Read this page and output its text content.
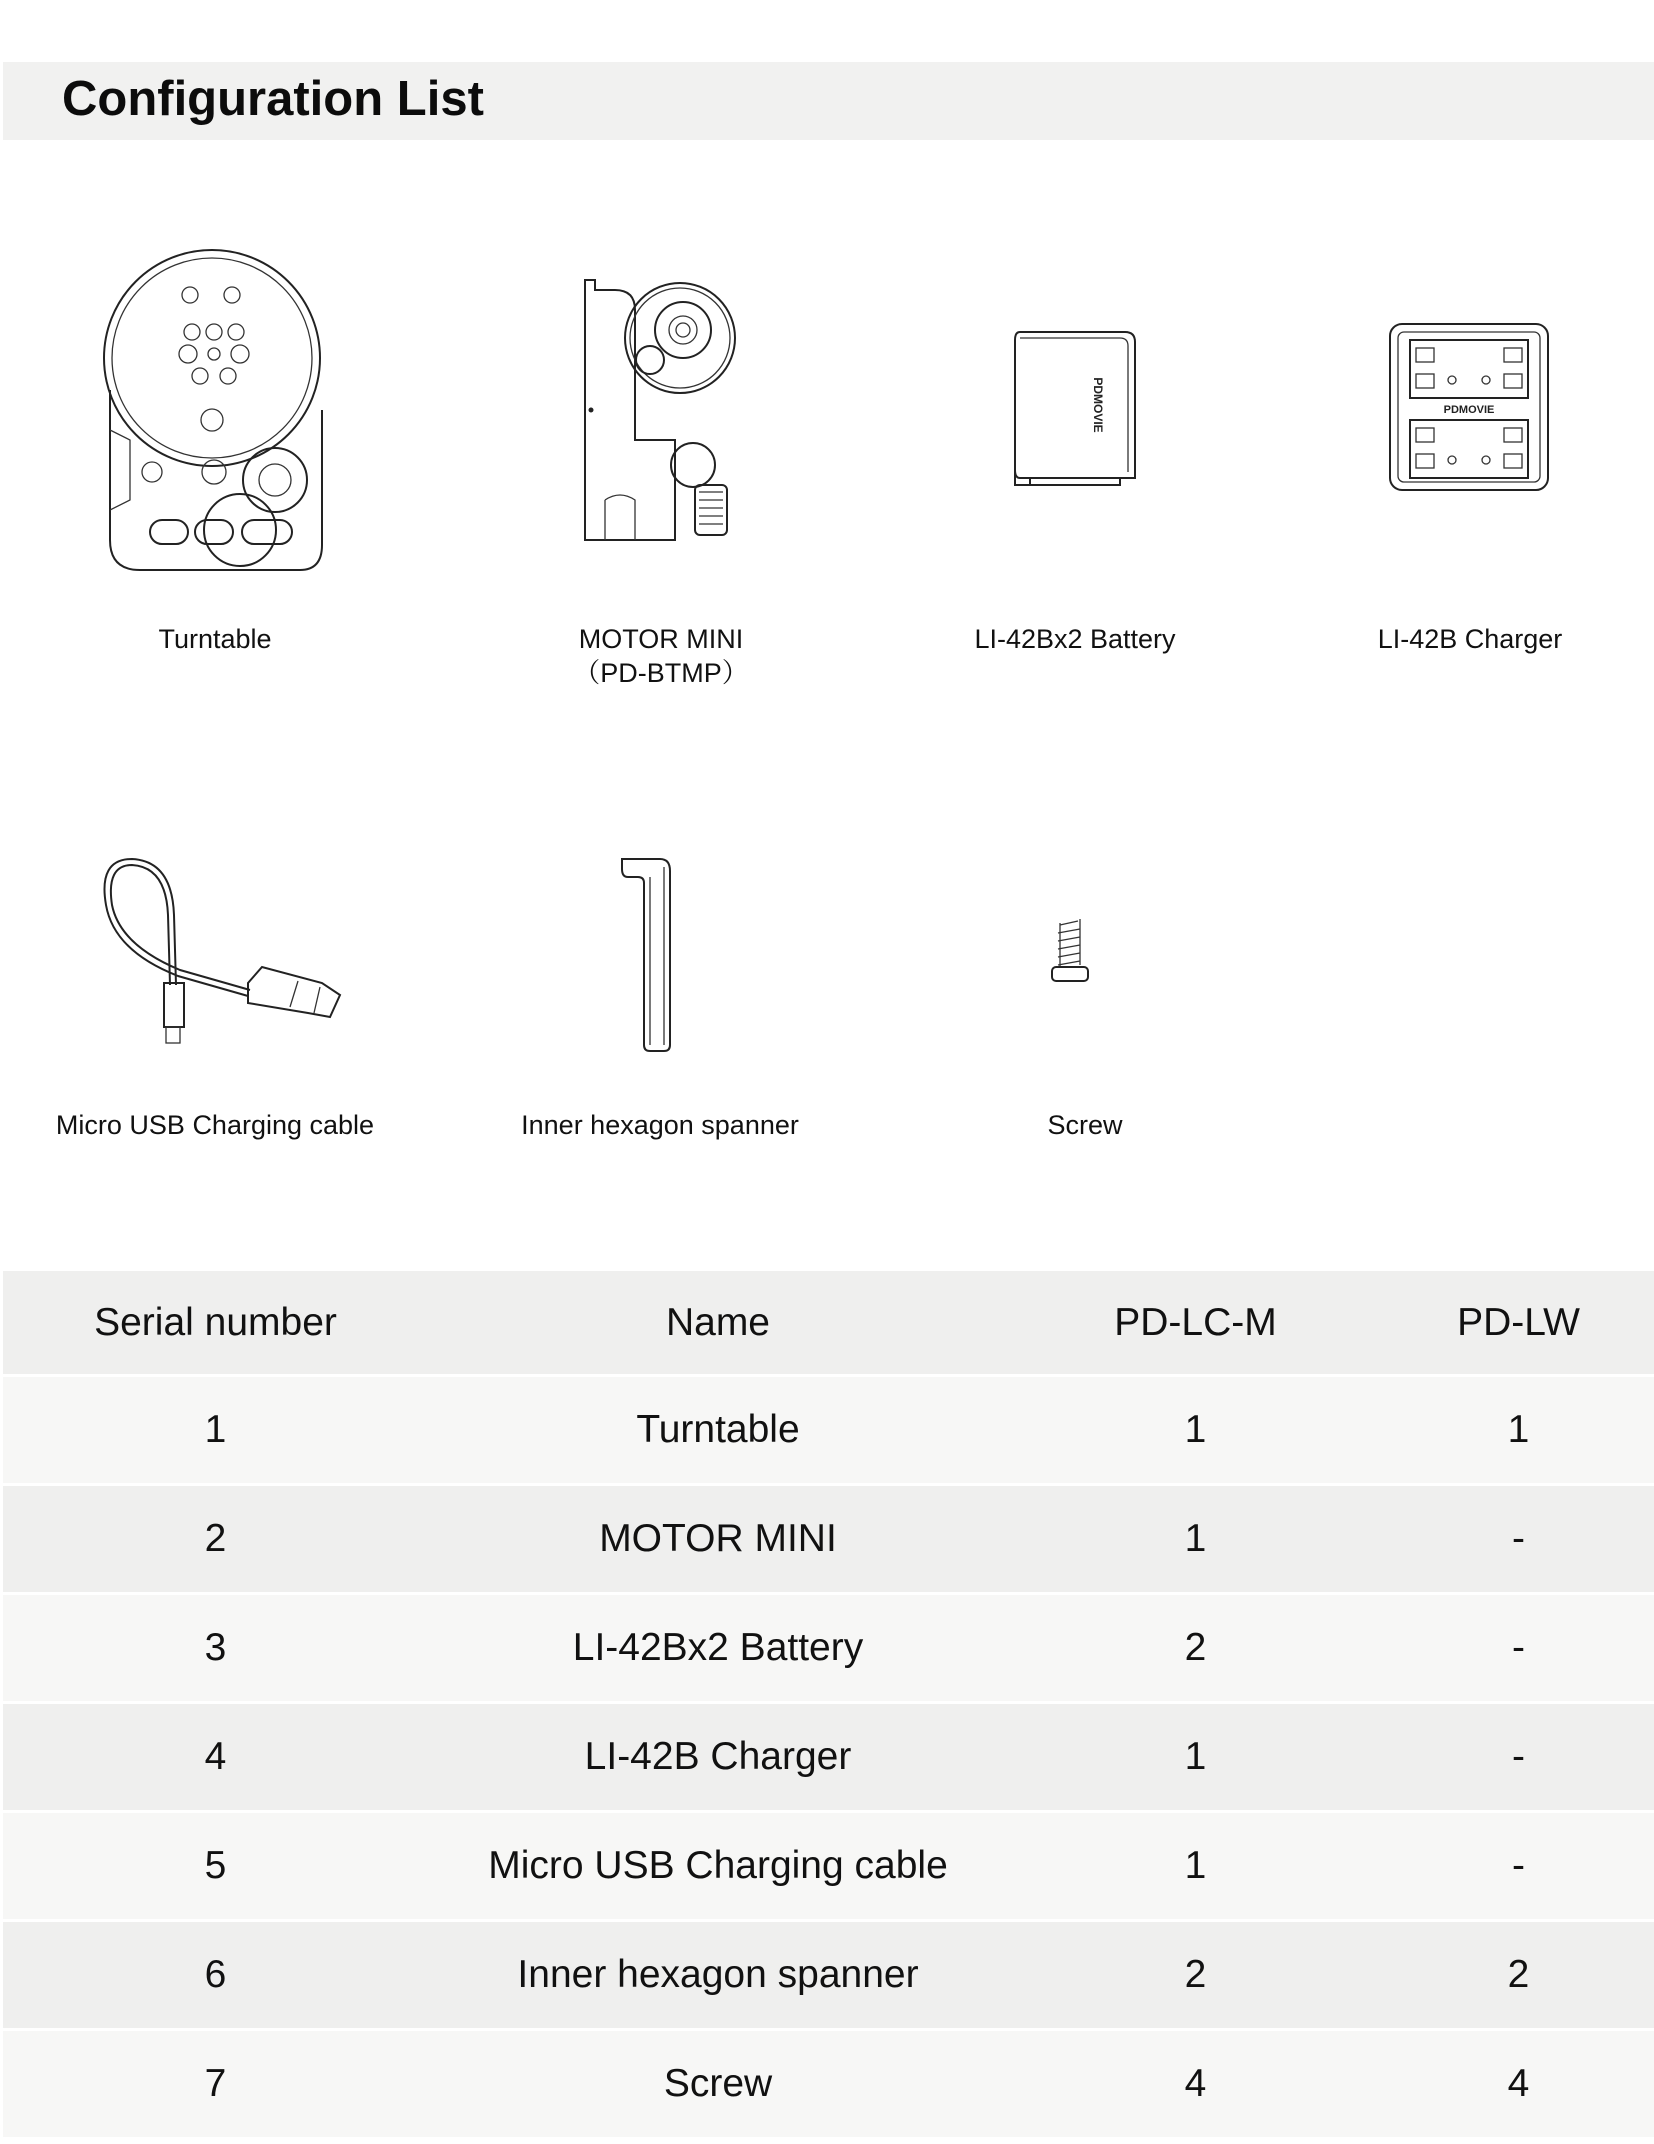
Configuration List
Turntable	MOTOR MINI
（PD-BTMP）
PDMOVIE
LI-42Bx2 Battery
PDMOVIE
LI-42B Charger
Micro USB Charging cable	Inner hexagon spanner	Screw
Serial number	Name	PD-LC-M	PD-LW
1	Turntable	1	1
2	MOTOR MINI	1	-
3	LI-42Bx2 Battery	2	-
4	LI-42B Charger	1	-
5	Micro USB Charging cable	1	-
6	Inner hexagon spanner	2	2
7	Screw	4	4
